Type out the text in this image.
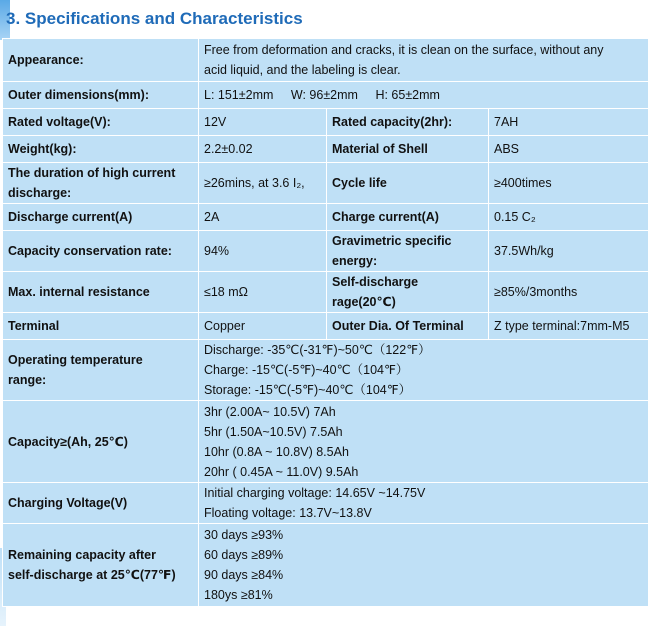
3. Specifications and Characteristics
Appearance:	Free from deformation and cracks, it is clean on the surface, without any
acid liquid, and the labeling is clear.		

Outer dimensions(mm):	L: 151±2mm W: 96±2mm H: 65±2mm		

Rated voltage(V):	12V	Rated capacity(2hr):	7AH

Weight(kg):	2.2±0.02	Material of Shell	ABS

The duration of high current
discharge:	≥26mins, at 3.6 I₂,	Cycle life	≥400times

Discharge current(A)	2A	Charge current(A)	0.15 C₂

Capacity conservation rate:	94%	Gravimetric specific
energy:	37.5Wh/kg

Max. internal resistance	≤18 mΩ	Self-discharge
rage(20℃)	≥85%/3months

Terminal	Copper	Outer Dia. Of Terminal	Z type terminal:7mm-M5

Operating temperature
range:	Discharge: -35℃(-31℉)~50℃（122℉）
Charge: -15℃(-5℉)~40℃（104℉）
Storage: -15℃(-5℉)~40℃（104℉）		

Capacity≥(Ah, 25℃)	3hr (2.00A~ 10.5V) 7Ah
5hr (1.50A~10.5V) 7.5Ah
10hr (0.8A ~ 10.8V) 8.5Ah
20hr ( 0.45A ~ 11.0V) 9.5Ah		

Charging Voltage(V)	Initial charging voltage: 14.65V ~14.75V
Floating voltage: 13.7V~13.8V		

Remaining capacity after
self-discharge at 25℃(77℉)	30 days ≥93%
60 days ≥89%
90 days ≥84%
180ys ≥81%		
